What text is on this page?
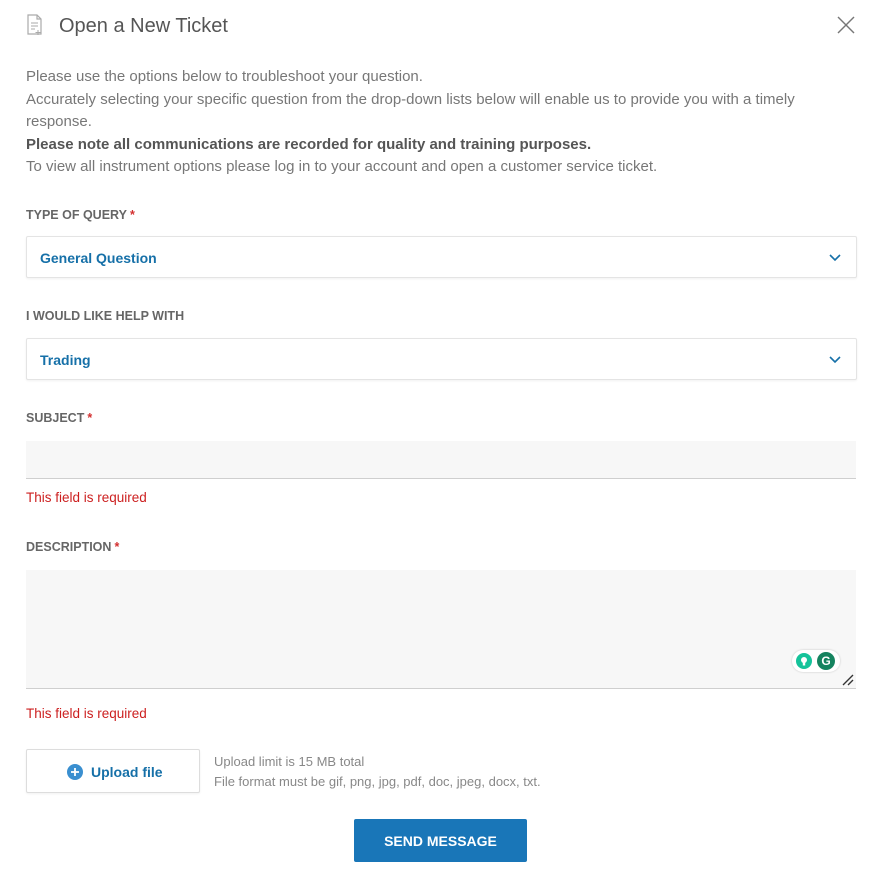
Open a New Ticket
Please use the options below to troubleshoot your question.
Accurately selecting your specific question from the drop-down lists below will enable us to provide you with a timely response.
Please note all communications are recorded for quality and training purposes.
To view all instrument options please log in to your account and open a customer service ticket.
TYPE OF QUERY *
General Question
I WOULD LIKE HELP WITH
Trading
SUBJECT *
This field is required
DESCRIPTION *
G
This field is required
Upload file
Upload limit is 15 MB total
File format must be gif, png, jpg, pdf, doc, jpeg, docx, txt.
SEND MESSAGE
